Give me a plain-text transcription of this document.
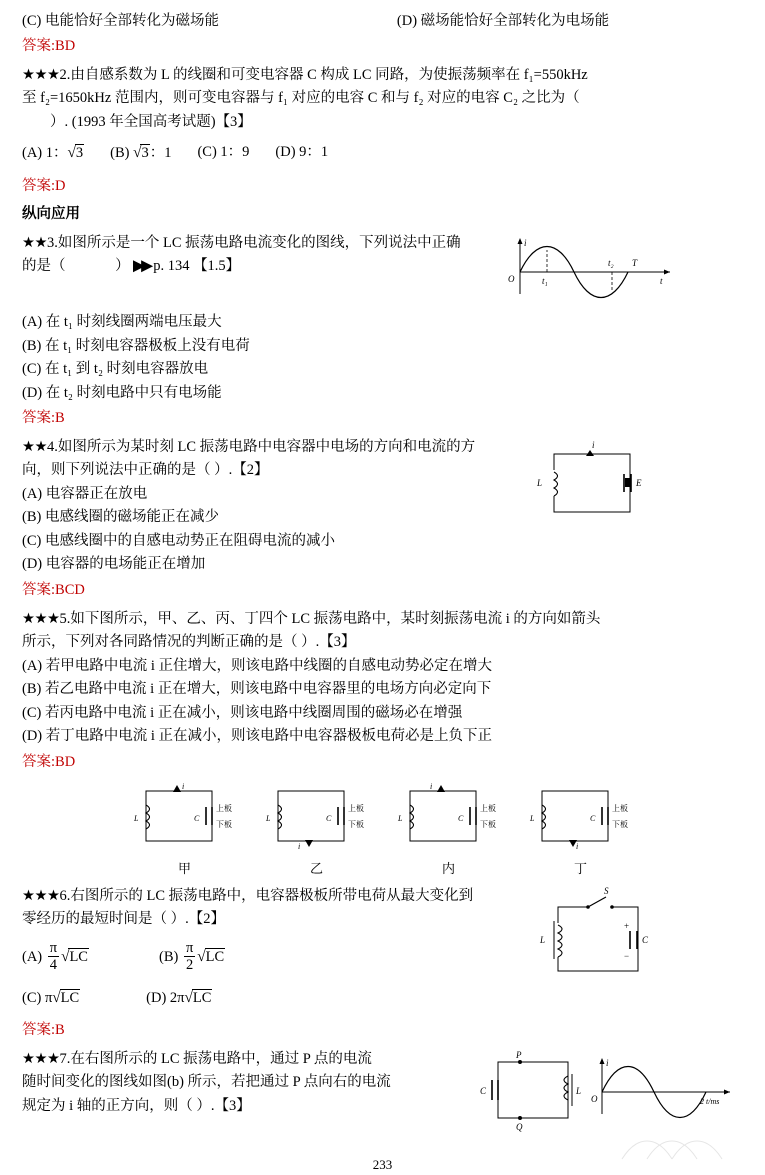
(C) 电能恰好全部转化为磁场能	(D) 磁场能恰好全部转化为电场能
答案:BD
★★★2.由自感系数为 L 的线圈和可变电容器 C 构成 LC 同路，为使振荡频率在 f₁=550kHz
至 f₂=1650kHz 范围内，则可变电容器与 f₁ 对应的电容 C 和与 f₂ 对应的电容 C₂ 之比为（
）. (1993 年全国高考试题)【3】
(A) 1：√3 (B) √3：1 (C) 1：9 (D) 9：1
答案:D
纵向应用
★★3.如图所示是一个 LC 振荡电路电流变化的图线，下列说法中正确
的是（	） ▶▶ p. 134 【1.5】
i
O	t₁
t₂ T
t
(A) 在 t₁ 时刻线圈两端电压最大
(B) 在 t₁ 时刻电容器极板上没有电荷
(C) 在 t₁ 到 t₂ 时刻电容器放电
(D) 在 t₂ 时刻电路中只有电场能
答案:B
★★4.如图所示为某时刻 LC 振荡电路中电容器中电场的方向和电流的方
向，则下列说法中正确的是（ ）.【2】
(A) 电容器正在放电
(B) 电感线圈的磁场能正在减少
(C) 电感线圈中的自感电动势正在阻碍电流的减小
(D) 电容器的电场能正在增加
i
L	E
答案:BCD
★★★5.如下图所示，甲、乙、丙、丁四个 LC 振荡电路中，某时刻振荡电流 i 的方向如箭头
所示，下列对各同路情况的判断正确的是（ ）.【3】
(A) 若甲电路中电流 i 正住增大，则该电路中线圈的自感电动势必定在增大
(B) 若乙电路中电流 i 正在增大，则该电路中电容器里的电场方向必定向下
(C) 若丙电路中电流 i 正在减小，则该电路中线圈周围的磁场必在增强
(D) 若丁电路中电流 i 正在减小，则该电路中电容器极板电荷必是上负下正
答案:BD
i
L	C
上板
下板
甲
i
L	C
上板
下板
乙
i
L	C
上板
下板
内
i
L	C
上板
下板
丁
★★★6.右图所示的 LC 振荡电路中，电容器极板所带电荷从最大变化到
零经历的最短时间是（ ）.【2】
$(A) \frac{\pi}{4} √LC$	$(B) \frac{\pi}{2} √LC$
(C) π√LC	(D) 2π√LC
S
L
+
−
C
答案:B
★★★7.在右图所示的 LC 振荡电路中，通过 P 点的电流
随时间变化的图线如图(b) 所示，若把通过 P 点向右的电流
规定为 i 轴的正方向，则（ ）.【3】
P
Q
C	L
i
O	2 t/ms
233
